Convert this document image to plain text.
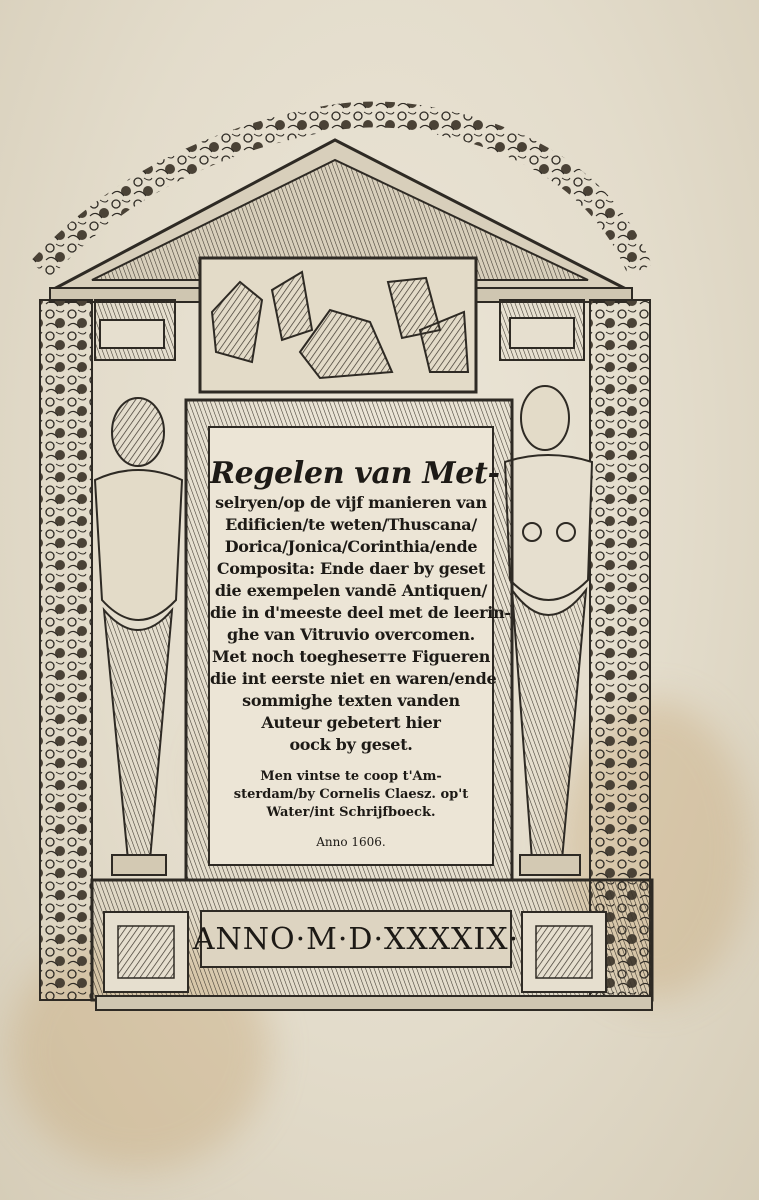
Regelen van Met-
selryen/op de vijf manieren van
Edificien/te weten/Thuscana/
Dorica/Jonica/Corinthia/ende
Composita: Ende daer by geset
die exempelen vandē Antiquen/
die in d'meeste deel met de leerin-
ghe van Vitruvio overcomen.
Met noch toegheseтте Figueren
die int eerste niet en waren/ende
sommighe texten vanden
Auteur gebetert hier
oock by geset.
Men vintse te coop t'Am-
sterdam/by Cornelis Claesz. op't
Water/int Schrijfboeck.
Anno 1606.
ANNO·M·D·XXXXIX·
